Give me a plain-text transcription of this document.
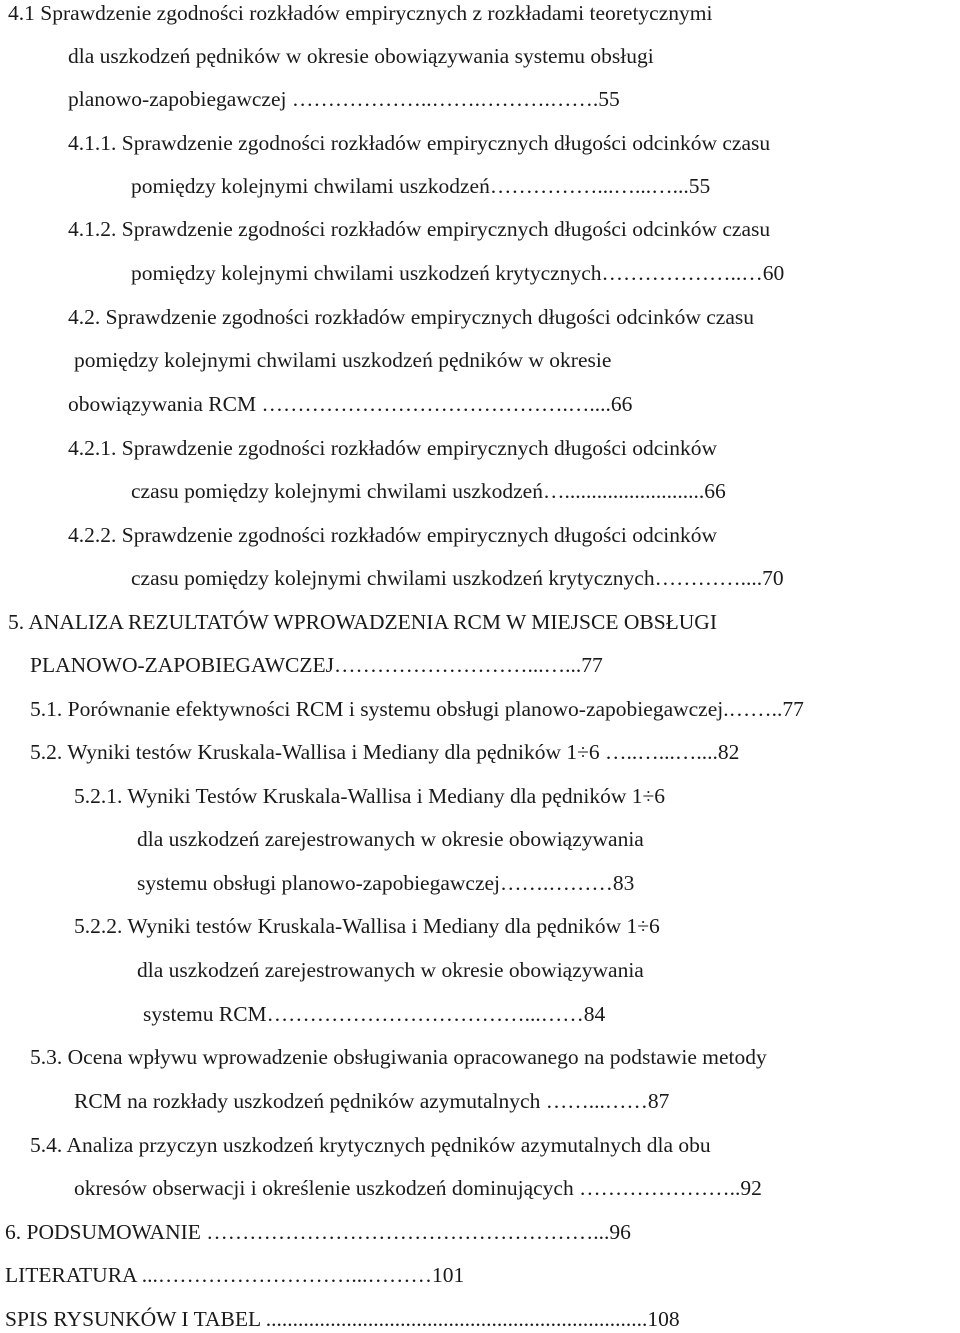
4.1 Sprawdzenie zgodności rozkładów empirycznych z rozkładami teoretycznymi
dla uszkodzeń pędników w okresie obowiązywania systemu obsługi
planowo-zapobiegawczej ………………..…….……….…….55
4.1.1. Sprawdzenie zgodności rozkładów empirycznych długości odcinków czasu
pomiędzy kolejnymi chwilami uszkodzeń……………...…...…...55
4.1.2. Sprawdzenie zgodności rozkładów empirycznych długości odcinków czasu
pomiędzy kolejnymi chwilami uszkodzeń krytycznych………………..…60
4.2. Sprawdzenie zgodności rozkładów empirycznych długości odcinków czasu
pomiędzy kolejnymi chwilami uszkodzeń pędników w okresie
obowiązywania RCM …………………………………….…....66
4.2.1. Sprawdzenie zgodności rozkładów empirycznych długości odcinków
czasu pomiędzy kolejnymi chwilami uszkodzeń…..........................66
4.2.2. Sprawdzenie zgodności rozkładów empirycznych długości odcinków
czasu pomiędzy kolejnymi chwilami uszkodzeń krytycznych…………....70
5. ANALIZA REZULTATÓW WPROWADZENIA RCM W MIEJSCE OBSŁUGI
PLANOWO-ZAPOBIEGAWCZEJ………………………...…...77
5.1. Porównanie efektywności RCM i systemu obsługi planowo-zapobiegawczej.……..77
5.2. Wyniki testów Kruskala-Wallisa i Mediany dla pędników 1÷6 …..…...…....82
5.2.1. Wyniki Testów Kruskala-Wallisa i Mediany dla pędników 1÷6
dla uszkodzeń zarejestrowanych w okresie obowiązywania
systemu obsługi planowo-zapobiegawczej…….………83
5.2.2. Wyniki testów Kruskala-Wallisa i Mediany dla pędników 1÷6
dla uszkodzeń zarejestrowanych w okresie obowiązywania
systemu RCM………………………………...……84
5.3. Ocena wpływu wprowadzenie obsługiwania opracowanego na podstawie metody
RCM na rozkłady uszkodzeń pędników azymutalnych ……...……87
5.4. Analiza przyczyn uszkodzeń krytycznych pędników azymutalnych dla obu
okresów obserwacji i określenie uszkodzeń dominujących …………………..92
6. PODSUMOWANIE ………………………………………………...96
LITERATURA ...………………………...………101
SPIS RYSUNKÓW I TABEL .......................................................................108
